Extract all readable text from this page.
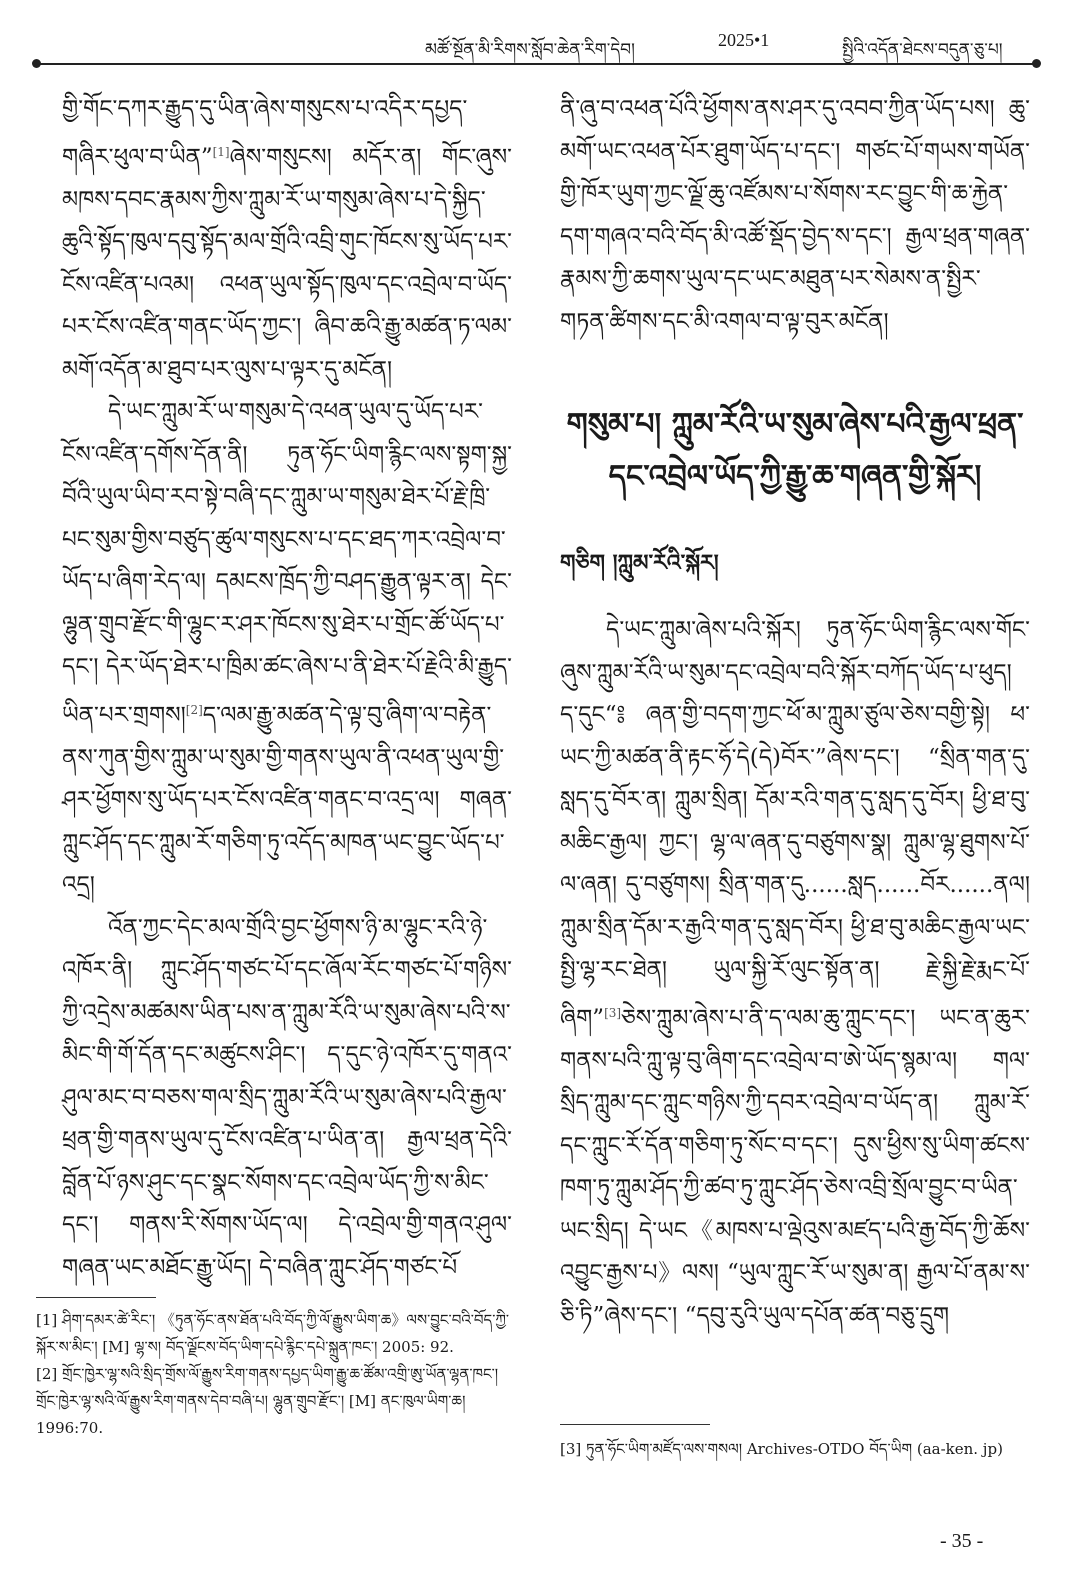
མཚོ་སྔོན་མི་རིགས་སློབ་ཆེན་རིག་དེབ།	2025•1	སྤྱིའི་འདོན་ཐེངས་བདུན་ཅུ་པ།

གྱི་གོང་དཀར་རྒྱུད་དུ་ཡིན་ཞེས་གསུངས་པ་འདིར་དཔྱད་གཞིར་ཕུལ་བ་ཡིན”[1]ཞེས་གསུངས། མདོར་ན། གོང་ཞུས་མཁས་དབང་རྣམས་ཀྱིས་ཀླུམ་རོ་ཡ་གསུམ་ཞེས་པ་དེ་སྐྱིད་ཆུའི་སྟོད་ཁུལ་དབུ་སྟོད་མལ་གྲོའི་འབྲི་གུང་ཁོངས་སུ་ཡོད་པར་ངོས་འཛིན་པའམ། འཕན་ཡུལ་སྟོད་ཁུལ་དང་འབྲེལ་བ་ཡོད་པར་ངོས་འཛིན་གནང་ཡོད་ཀྱང་། ཞིབ་ཆའི་རྒྱུ་མཚན་ཏ་ལམ་མགོ་འདོན་མ་ཐུབ་པར་ལུས་པ་ལྟར་དུ་མངོན།

དེ་ཡང་ཀླུམ་རོ་ཡ་གསུམ་དེ་འཕན་ཡུལ་དུ་ཡོད་པར་ངོས་འཛིན་དགོས་དོན་ནི། ཏུན་ཧོང་ཡིག་རྙིང་ལས་སྟག་སྐྱ་བོའི་ཡུལ་ཡིབ་རབ་སྟེ་བཞི་དང་ཀླུམ་ཡ་གསུམ་ཐེར་པོ་རྗེ་ཁྲི་པང་སུམ་གྱིས་བཙུད་ཚུལ་གསུངས་པ་དང་ཐད་ཀར་འབྲེལ་བ་ཡོད་པ་ཞིག་རེད་ལ། དམངས་ཁྲོད་ཀྱི་བཤད་རྒྱུན་ལྟར་ན། དེང་ལྷུན་གྲུབ་རྫོང་གི་ལྷུང་ར་ཤར་ཁོངས་སུ་ཐེར་པ་གྲོང་ཚོ་ཡོད་པ་དང་། དེར་ཡོད་ཐེར་པ་ཁྲིམ་ཚང་ཞེས་པ་ནི་ཐེར་པོ་རྗེའི་མི་རྒྱུད་ཡིན་པར་གྲགས།[2]ད་ལམ་རྒྱུ་མཚན་དེ་ལྟ་བུ་ཞིག་ལ་བརྟེན་ནས་ཀུན་གྱིས་ཀླུམ་ཡ་སུམ་གྱི་གནས་ཡུལ་ནི་འཕན་ཡུལ་གྱི་ཤར་ཕྱོགས་སུ་ཡོད་པར་ངོས་འཛིན་གནང་བ་འདྲ་ལ། གཞན་ཀླུང་ཤོད་དང་ཀླུམ་རོ་གཅིག་ཏུ་འདོད་མཁན་ཡང་བྱུང་ཡོད་པ་འདྲ།

འོན་ཀྱང་དེང་མལ་གྲོའི་བྱང་ཕྱོགས་ཉི་མ་ལྷུང་རའི་ཉེ་འཁོར་ནི། ཀླུང་ཤོད་གཙང་པོ་དང་ཞོལ་རོང་གཙང་པོ་གཉིས་ཀྱི་འདྲེས་མཚམས་ཡིན་པས་ན་ཀླུམ་རོའི་ཡ་སུམ་ཞེས་པའི་ས་མིང་གི་གོ་དོན་དང་མཚུངས་ཤིང་། ད་དུང་ཉེ་འཁོར་དུ་གནའ་ཤུལ་མང་བ་བཅས་གལ་སྲིད་ཀླུམ་རོའི་ཡ་སུམ་ཞེས་པའི་རྒྱལ་ཕྲན་གྱི་གནས་ཡུལ་དུ་ངོས་འཛིན་པ་ཡིན་ན། རྒྱལ་ཕྲན་དེའི་བློན་པོ་ཉས་ཤུང་དང་སྣང་སོགས་དང་འབྲེལ་ཡོད་ཀྱི་ས་མིང་དང་། གནས་རི་སོགས་ཡོད་ལ། དེ་འབྲེལ་གྱི་གནའ་ཤུལ་གཞན་ཡང་མཐོང་རྒྱུ་ཡོད། དེ་བཞིན་ཀླུང་ཤོད་གཙང་པོ

[1] ཤིག་དམར་ཚེ་རིང་། 《ཏུན་ཧོང་ནས་ཐོན་པའི་བོད་ཀྱི་ལོ་རྒྱུས་ཡིག་ཆ》ལས་བྱུང་བའི་བོད་ཀྱི་སྐོར་ས་མིང་། [M] ལྷ་ས། བོད་ལྗོངས་བོད་ཡིག་དཔེ་རྙིང་དཔེ་སྐྲུན་ཁང་། 2005: 92.

[2] གྲོང་ཁྱེར་ལྷ་སའི་སྲིད་གྲོས་ལོ་རྒྱུས་རིག་གནས་དཔྱད་ཡིག་རྒྱུ་ཆ་ཚོམ་འགྲི་ཨུ་ཡོན་ལྷན་ཁང་། གྲོང་ཁྱེར་ལྷ་སའི་ལོ་རྒྱུས་རིག་གནས་དེབ་བཞི་པ། ལྷུན་གྲུབ་རྫོང་། [M] ནང་ཁུལ་ཡིག་ཆ། 1996:70.

ནི་ཞུ་བ་འཕན་པོའི་ཕྱོགས་ནས་ཤར་དུ་འབབ་ཀྱིན་ཡོད་པས། ཆུ་མགོ་ཡང་འཕན་པོར་ཐུག་ཡོད་པ་དང་། གཙང་པོ་གཡས་གཡོན་གྱི་ཁོར་ཡུག་ཀྱང་ལྗོ་ཆུ་འཛོམས་པ་སོགས་རང་བྱུང་གི་ཆ་རྐྱེན་དག་གཞའ་བའི་བོད་མི་འཚོ་སྡོད་བྱེད་ས་དང་། རྒྱལ་ཕྲན་གཞན་རྣམས་ཀྱི་ཆགས་ཡུལ་དང་ཡང་མཐུན་པར་སེམས་ན་སྤྱིར་གཏན་ཚིགས་དང་མི་འགལ་བ་ལྟ་བུར་མངོན།

གསུམ་པ། ཀླུམ་རོའི་ཡ་སུམ་ཞེས་པའི་རྒྱལ་ཕྲན་དང་འབྲེལ་ཡོད་ཀྱི་རྒྱུ་ཆ་གཞན་གྱི་སྐོར།
གཅིག །ཀླུམ་རོའི་སྐོར།

དེ་ཡང་ཀླུམ་ཞེས་པའི་སྐོར། ཏུན་ཧོང་ཡིག་རྙིང་ལས་གོང་ཞུས་ཀླུམ་རོའི་ཡ་སུམ་དང་འབྲེལ་བའི་སྐོར་བཀོད་ཡོད་པ་ཕུད། ད་དུང“༔ ཞན་གྱི་བདག་ཀྱང་ཕོ་མ་ཀླུམ་ཙུལ་ཅེས་བགྱི་སྟེ། ཕ་ཡང་ཀྱི་མཚན་ནི་རྟང་ཧོ་དེ(དེ)བོར་”ཞེས་དང་། “སྲིན་གན་དུ་སླད་དུ་བོར་ན། ཀླུམ་སྲིན། དོམ་རའི་གན་དུ་སླད་དུ་བོར། ཕྱི་ཐ་བུ་མཆིང་རྒྱལ། ཀྱང་། ལྷ་ལ་ཞན་དུ་བཙུགས་སྣ། ཀླུམ་ལྷ་ཐུགས་པོ་ལ་ཞན། དུ་བཙུགས། སྲིན་གན་དུ......སླད......བོར......ནལ། ཀླུམ་སྲིན་དོམ་ར་རྒྱའི་གན་དུ་སླད་བོར། ཕྱི་ཐ་བུ་མཆིང་རྒྱལ་ཡང་སྤྱི་ལྷ་རང་ཐེན། ཡུལ་སྐྱི་རོ་ལུང་སྟོན་ན། རྗེ་སྐྱི་རྗེ་རྨང་པོ་ཞིག”[3]ཅེས་ཀླུམ་ཞེས་པ་ནི་ད་ལམ་ཆུ་ཀླུང་དང་། ཡང་ན་ཆུར་གནས་པའི་ཀླུ་ལྟ་བུ་ཞིག་དང་འབྲེལ་བ་ཨེ་ཡོད་སྙམ་ལ། གལ་སྲིད་ཀླུམ་དང་ཀླུང་གཉིས་ཀྱི་དབར་འབྲེལ་བ་ཡོད་ན། ཀླུམ་རོ་དང་ཀླུང་རོ་དོན་གཅིག་ཏུ་སོང་བ་དང་། དུས་ཕྱིས་སུ་ཡིག་ཚངས་ཁག་ཏུ་ཀླུམ་ཤོད་ཀྱི་ཚབ་ཏུ་ཀླུང་ཤོད་ཅེས་འབྲི་སྲོལ་བྱུང་བ་ཡིན་ཡང་སྲིད། དེ་ཡང《མཁས་པ་ལྡེའུས་མཛད་པའི་རྒྱ་བོད་ཀྱི་ཆོས་འབྱུང་རྒྱས་པ》ལས། “ཡུལ་ཀླུང་རོ་ཡ་སུམ་ན། རྒྱལ་པོ་ནམ་ས་ཅི་ཏི”ཞེས་དང་། “དབུ་རུའི་ཡུལ་དཔོན་ཚན་བཅུ་དྲུག

[3] ཏུན་ཧོང་ཡིག་མཛོད་ལས་གསལ། Archives-OTDO བོད་ཡིག (aa-ken. jp)

- 35 -
